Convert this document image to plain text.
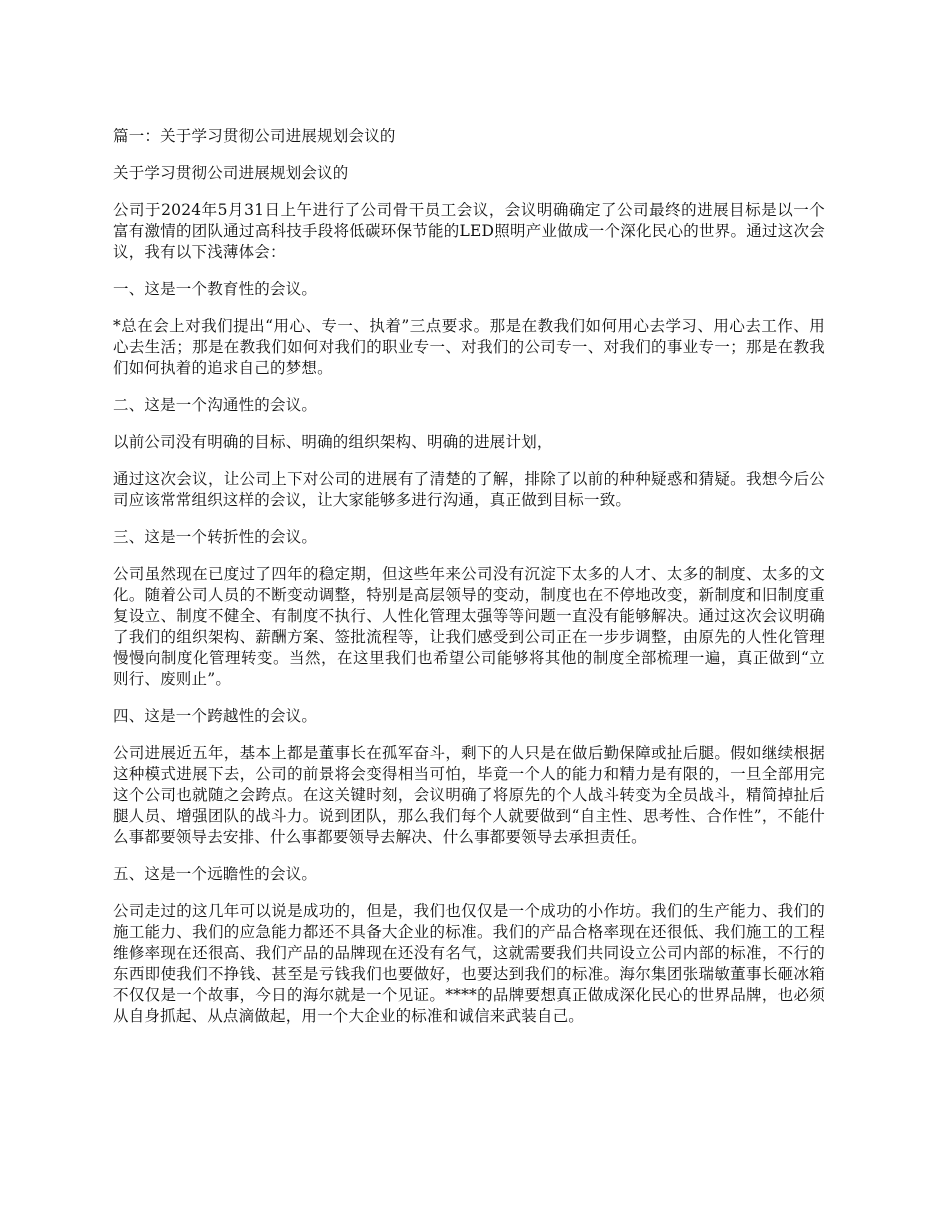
篇一：关于学习贯彻公司进展规划会议的

关于学习贯彻公司进展规划会议的

公司于2024年5月31日上午进行了公司骨干员工会议，会议明确确定了公司最终的进展目标是以一个富有激情的团队通过高科技手段将低碳环保节能的LED照明产业做成一个深化民心的世界。通过这次会议，我有以下浅薄体会：

一、这是一个教育性的会议。

*总在会上对我们提出“用心、专一、执着”三点要求。那是在教我们如何用心去学习、用心去工作、用心去生活；那是在教我们如何对我们的职业专一、对我们的公司专一、对我们的事业专一；那是在教我们如何执着的追求自己的梦想。

二、这是一个沟通性的会议。

以前公司没有明确的目标、明确的组织架构、明确的进展计划，

通过这次会议，让公司上下对公司的进展有了清楚的了解，排除了以前的种种疑惑和猜疑。我想今后公司应该常常组织这样的会议，让大家能够多进行沟通，真正做到目标一致。

三、这是一个转折性的会议。

公司虽然现在已度过了四年的稳定期，但这些年来公司没有沉淀下太多的人才、太多的制度、太多的文化。随着公司人员的不断变动调整，特别是高层领导的变动，制度也在不停地改变，新制度和旧制度重复设立、制度不健全、有制度不执行、人性化管理太强等等问题一直没有能够解决。通过这次会议明确了我们的组织架构、薪酬方案、签批流程等，让我们感受到公司正在一步步调整，由原先的人性化管理慢慢向制度化管理转变。当然，在这里我们也希望公司能够将其他的制度全部梳理一遍，真正做到“立则行、废则止”。

四、这是一个跨越性的会议。

公司进展近五年，基本上都是董事长在孤军奋斗，剩下的人只是在做后勤保障或扯后腿。假如继续根据这种模式进展下去，公司的前景将会变得相当可怕，毕竟一个人的能力和精力是有限的，一旦全部用完这个公司也就随之会跨点。在这关键时刻，会议明确了将原先的个人战斗转变为全员战斗，精简掉扯后腿人员、增强团队的战斗力。说到团队，那么我们每个人就要做到“自主性、思考性、合作性”，不能什么事都要领导去安排、什么事都要领导去解决、什么事都要领导去承担责任。

五、这是一个远瞻性的会议。

公司走过的这几年可以说是成功的，但是，我们也仅仅是一个成功的小作坊。我们的生产能力、我们的施工能力、我们的应急能力都还不具备大企业的标准。我们的产品合格率现在还很低、我们施工的工程维修率现在还很高、我们产品的品牌现在还没有名气，这就需要我们共同设立公司内部的标准，不行的东西即使我们不挣钱、甚至是亏钱我们也要做好，也要达到我们的标准。海尔集团张瑞敏董事长砸冰箱不仅仅是一个故事，今日的海尔就是一个见证。****的品牌要想真正做成深化民心的世界品牌，也必须从自身抓起、从点滴做起，用一个大企业的标准和诚信来武装自己。
